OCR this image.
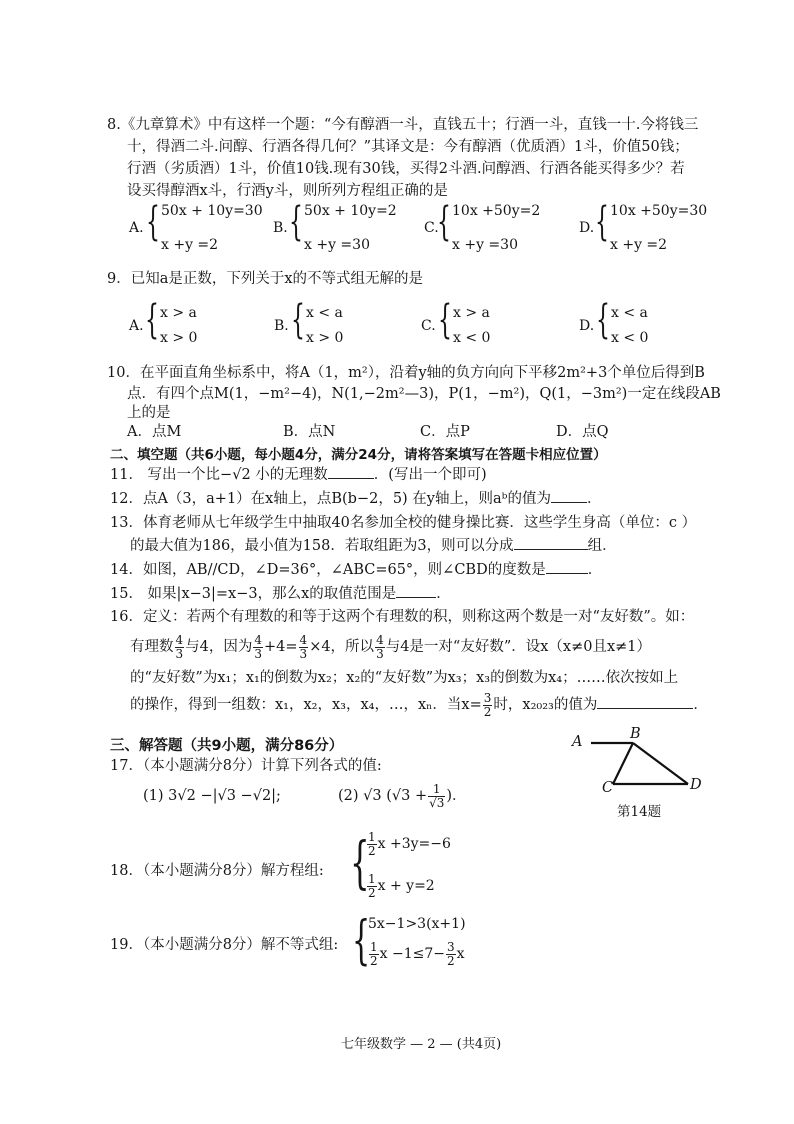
8.《九章算术》中有这样一个题：“今有醇酒一斗，直钱五十；行酒一斗，直钱一十.今将钱三
十，得酒二斗.问醇、行酒各得几何？”其译文是：今有醇酒（优质酒）1斗，价值50钱；
行酒（劣质酒）1斗，价值10钱.现有30钱，买得2斗酒.问醇酒、行酒各能买得多少？若
设买得醇酒x斗，行酒y斗，则所列方程组正确的是
A. { 50x + 10y=30
x +y =2
B. { 50x + 10y=2
x +y =30
C.
{ 10x +50y=2
x +y =30
D. { 10x +50y=30
x +y =2
9．已知a是正数，下列关于x的不等式组无解的是
A. { x > a
x > 0
B. { x < a
x > 0
C. { x > a
x < 0
D. { x < a
x < 0
10．在平面直角坐标系中，将A（1，m²），沿着y轴的负方向向下平移2m²+3个单位后得到B
点．有四个点M(1，−m²−4)，N(1,−2m²—3)，P(1，−m²)，Q(1，−3m²)一定在线段AB
上的是
A．点M	B．点N	C．点P	D．点Q
二、填空题（共6小题，每小题4分，满分24分，请将答案填写在答题卡相应位置）
11． 写出一个比−√2 小的无理数	．(写出一个即可)
12．点A（3，a+1）在x轴上，点B(b−2，5) 在y轴上，则aᵇ的值为 ．
13．体育老师从七年级学生中抽取40名参加全校的健身操比赛．这些学生身高（单位：c ）
的最大值为186，最小值为158．若取组距为3，则可以分成	组．
14．如图，AB//CD，∠D=36°，∠ABC=65°，则∠CBD的度数是	．
15． 如果|x−3|=x−3，那么x的取值范围是	．
16．定义：若两个有理数的和等于这两个有理数的积，则称这两个数是一对“友好数”。如：
有理数 $\frac{4}{3}$ 与4，因为 $\frac{4}{3} +4= \frac{4}{3} \times 4$，所以 $\frac{4}{3}$ 与4是一对“友好数”．设x（x≠0且x≠1）
的“友好数”为x₁；x₁的倒数为x₂；x₂的“友好数”为x₃；x₃的倒数为x₄；……依次按如上
的操作，得到一组数：x₁，x₂，x₃，x₄，…，xₙ．当$x= \frac{3}{2}$ 时，x₂₀₂₃的值为	．
三、解答题（共9小题，满分86分）
17．（本小题满分8分）计算下列各式的值:
(1) 3√2 −|√3 −√2|;	(2) √3 ($√3 + \frac{1}{√3}$ )．
A	B
C	D
第14题
18．（本小题满分8分）解方程组: {
$\frac{1}{2}$ x +3y=−6
$\frac{1}{2}$ x + y=2
19．（本小题满分8分）解不等式组: {
5x−1>3(x+1)
$\frac{1}{2}$ $x -1\le 7- \frac{3}{2}$ x
七年级数学 — 2 — (共4页)
